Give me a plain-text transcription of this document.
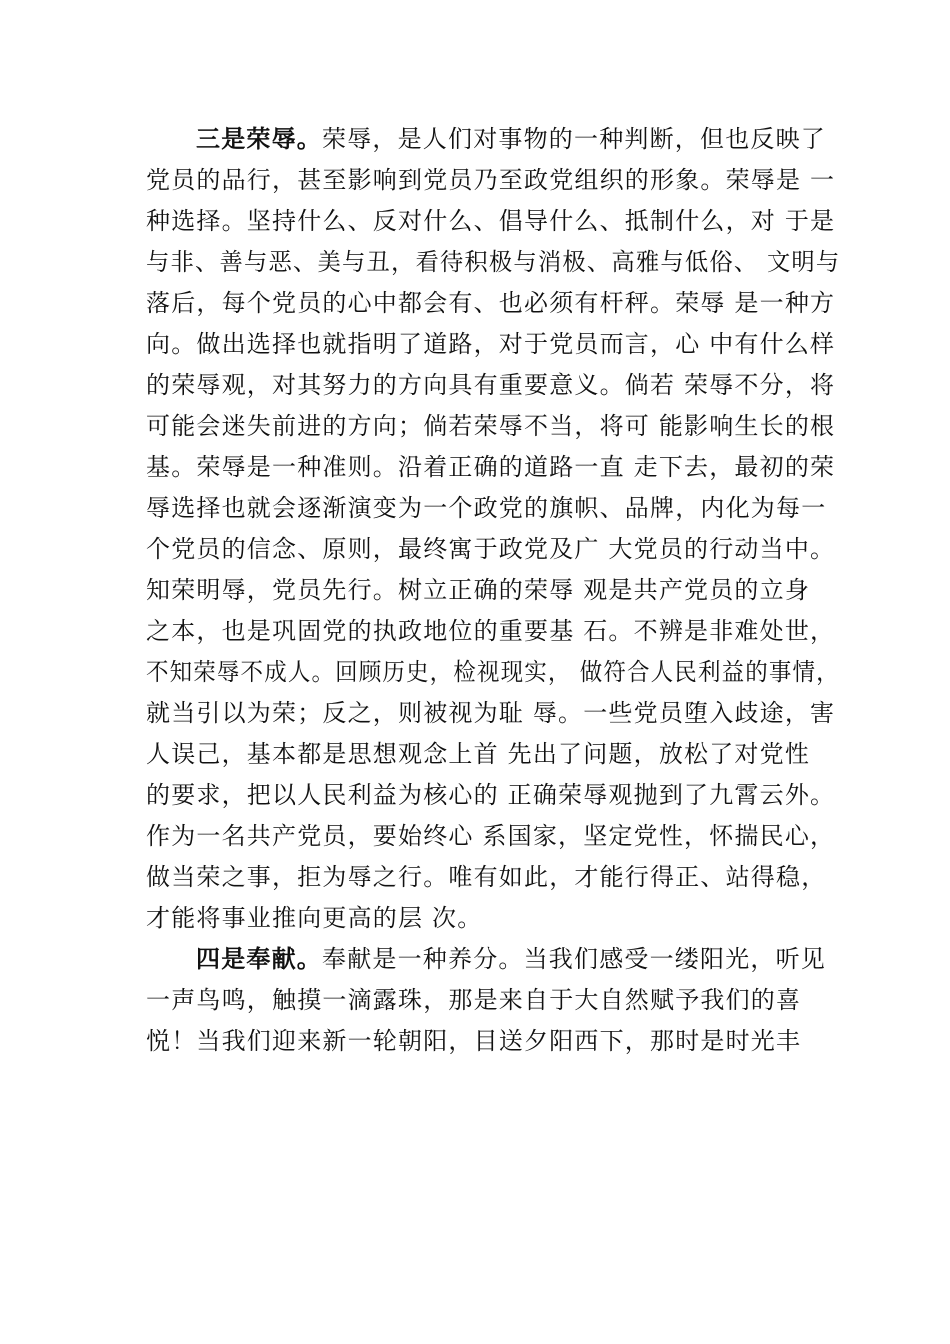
三是荣辱。荣辱，是人们对事物的一种判断，但也反映了
党员的品行，甚至影响到党员乃至政党组织的形象。荣辱是 一
种选择。坚持什么、反对什么、倡导什么、抵制什么，对 于是
与非、善与恶、美与丑，看待积极与消极、高雅与低俗、 文明与
落后，每个党员的心中都会有、也必须有杆秤。荣辱 是一种方
向。做出选择也就指明了道路，对于党员而言，心 中有什么样
的荣辱观，对其努力的方向具有重要意义。倘若 荣辱不分，将
可能会迷失前进的方向；倘若荣辱不当，将可 能影响生长的根
基。荣辱是一种准则。沿着正确的道路一直 走下去，最初的荣
辱选择也就会逐渐演变为一个政党的旗帜、品牌，内化为每一
个党员的信念、原则，最终寓于政党及广 大党员的行动当中。
知荣明辱，党员先行。树立正确的荣辱 观是共产党员的立身
之本，也是巩固党的执政地位的重要基 石。不辨是非难处世，
不知荣辱不成人。回顾历史，检视现实， 做符合人民利益的事情，
就当引以为荣；反之，则被视为耻 辱。一些党员堕入歧途，害
人误己，基本都是思想观念上首 先出了问题，放松了对党性
的要求，把以人民利益为核心的 正确荣辱观抛到了九霄云外。
作为一名共产党员，要始终心 系国家，坚定党性，怀揣民心，
做当荣之事，拒为辱之行。唯有如此，才能行得正、站得稳，
才能将事业推向更高的层 次。
四是奉献。奉献是一种养分。当我们感受一缕阳光，听见
一声鸟鸣，触摸一滴露珠，那是来自于大自然赋予我们的喜
悦！当我们迎来新一轮朝阳，目送夕阳西下，那时是时光丰
